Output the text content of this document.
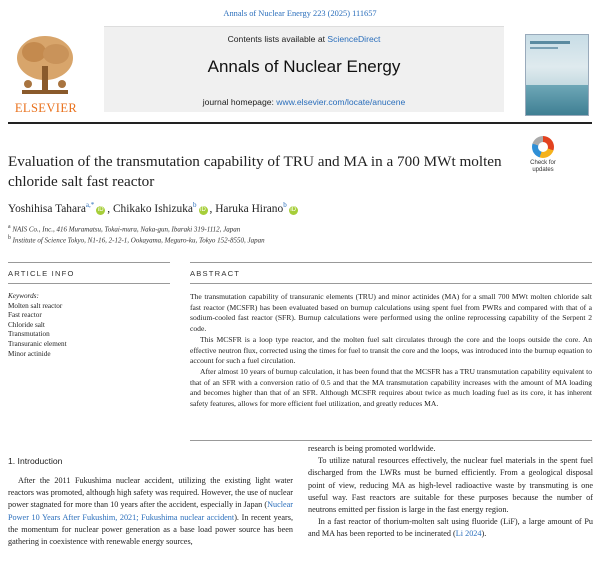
Annals of Nuclear Energy 223 (2025) 111657
ELSEVIER
Contents lists available at ScienceDirect
Annals of Nuclear Energy
journal homepage: www.elsevier.com/locate/anucene
Evaluation of the transmutation capability of TRU and MA in a 700 MWt molten chloride salt fast reactor
Check for
updates
Yoshihisa Tahara$^{a,*}$iD , Chikako Ishizuka$^b$iD , Haruka Hirano$^b$iD
$^a$ NAIS Co., Inc., 416 Muramatsu, Tokai-mura, Naka-gun, Ibaraki 319-1112, Japan
$^b$ Institute of Science Tokyo, N1-16, 2-12-1, Ookayama, Meguro-ku, Tokyo 152-8550, Japan
ARTICLE INFO	ABSTRACT
Keywords:
Molten salt reactor
Fast reactor
Chloride salt
Transmutation
Transuranic element
Minor actinide

The transmutation capability of transuranic elements (TRU) and minor actinides (MA) for a small 700 MWt molten chloride salt fast reactor (MCSFR) has been evaluated based on burnup calculations using spent fuel from PWRs and compared with that of a sodium-cooled fast reactor (SFR). Burnup calculations were performed using the online reprocessing capability of the Serpent 2 code.

This MCSFR is a loop type reactor, and the molten fuel salt circulates through the core and the loops outside the core. An effective neutron flux, corrected using the times for fuel to transit the core and the loops, was introduced into the burnup equation to account for such a fuel circulation.

After almost 10 years of burnup calculation, it has been found that the MCSFR has a TRU transmutation capability equivalent to that of an SFR with a conversion ratio of 0.5 and that the MA transmutation capability increases with the amount of MA loading and becomes higher than that of an SFR. Although MCSFR requires about twice as much loading fuel as its core, it has inherent safety features, allows for more efficient fuel utilization, and greatly reduces MA.

1. Introduction

After the 2011 Fukushima nuclear accident, utilizing the existing light water reactors was promoted, although high safety was required. However, the use of nuclear power stagnated for more than 10 years after the accident, especially in Japan (Nuclear Power 10 Years After Fukushim, 2021; Fukushima nuclear accident). In recent years, the momentum for nuclear power generation as a base load power source has been gathering in coexistence with renewable energy sources,

research is being promoted worldwide.

To utilize natural resources effectively, the nuclear fuel materials in the spent fuel discharged from the LWRs must be burned efficiently. From a geological disposal point of view, reducing MA as high-level radioactive waste by transmuting is one useful way. Fast reactors are suitable for these purposes because the number of neutrons emitted per fission is large in the fast energy region.

In a fast reactor of thorium-molten salt using fluoride (LiF), a large amount of Pu and MA has been reported to be incinerated (Li 2024).
